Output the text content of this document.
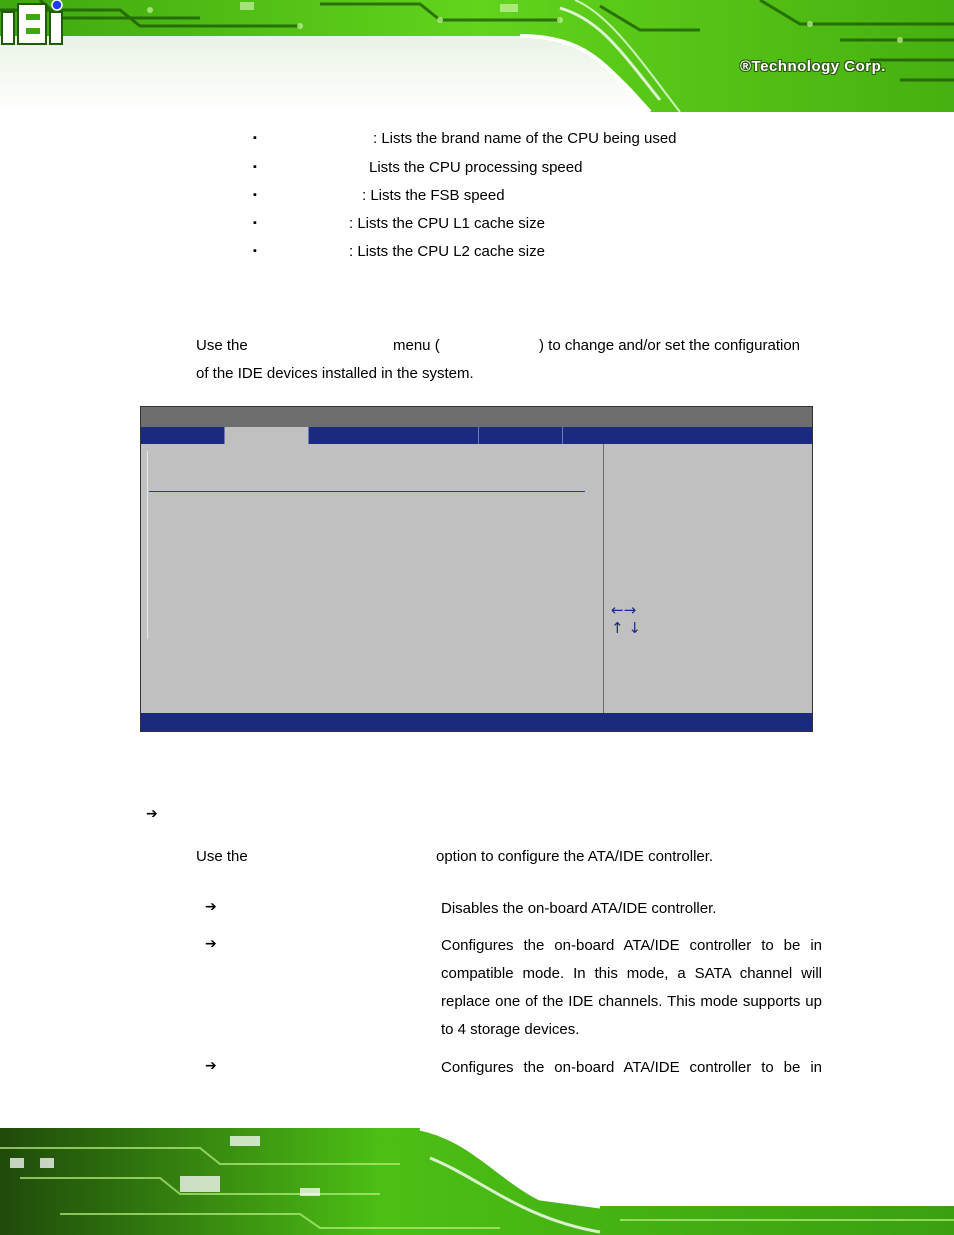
®Technology Corp.
▪	: Lists the brand name of the CPU being used
▪	Lists the CPU processing speed
▪	: Lists the FSB speed
▪	: Lists the CPU L1 cache size
▪	: Lists the CPU L2 cache size
Use the	menu (	) to change and/or set the configuration
of the IDE devices installed in the system.
←→
↑ ↓
➔
Use the	option to configure the ATA/IDE controller.
➔	Disables the on-board ATA/IDE controller.
➔	Configures the on-board ATA/IDE controller to be in
compatible mode. In this mode, a SATA channel will
replace one of the IDE channels. This mode supports up
to 4 storage devices.
➔	Configures the on-board ATA/IDE controller to be in
